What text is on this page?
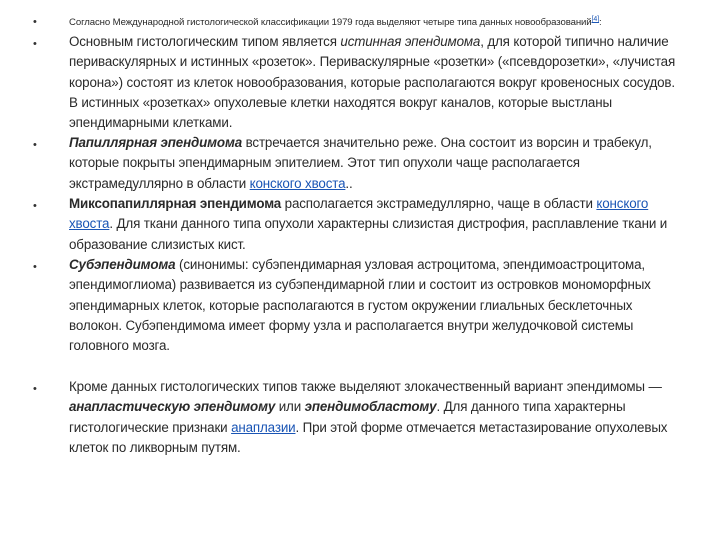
•	Согласно Международной гистологической классификации 1979 года выделяют четыре типа данных новообразований[4]:
• Основным гистологическим типом является истинная эпендимома, для которой типично наличие периваскулярных и истинных «розеток». Периваскулярные «розетки» («псевдорозетки», «лучистая корона») состоят из клеток новообразования, которые располагаются вокруг кровеносных сосудов. В истинных «розетках» опухолевые клетки находятся вокруг каналов, которые выстланы эпендимарными клетками.
• Папиллярная эпендимома встречается значительно реже. Она состоит из ворсин и трабекул, которые покрыты эпендимарным эпителием. Этот тип опухоли чаще располагается экстрамедуллярно в области конского хвоста..
• Миксопапиллярная эпендимома располагается экстрамедуллярно, чаще в области конского хвоста. Для ткани данного типа опухоли характерны слизистая дистрофия, расплавление ткани и образование слизистых кист.
• Субэпендимома (синонимы: субэпендимарная узловая астроцитома, эпендимоастроцитома, эпендимоглиома) развивается из субэпендимарной глии и состоит из островков мономорфных эпендимарных клеток, которые располагаются в густом окружении глиальных бесклеточных волокон. Субэпендимома имеет форму узла и располагается внутри желудочковой системы головного мозга.
• Кроме данных гистологических типов также выделяют злокачественный вариант эпендимомы — анапластическую эпендимому или эпендимобластому. Для данного типа характерны гистологические признаки анаплазии. При этой форме отмечается метастазирование опухолевых клеток по ликворным путям.
